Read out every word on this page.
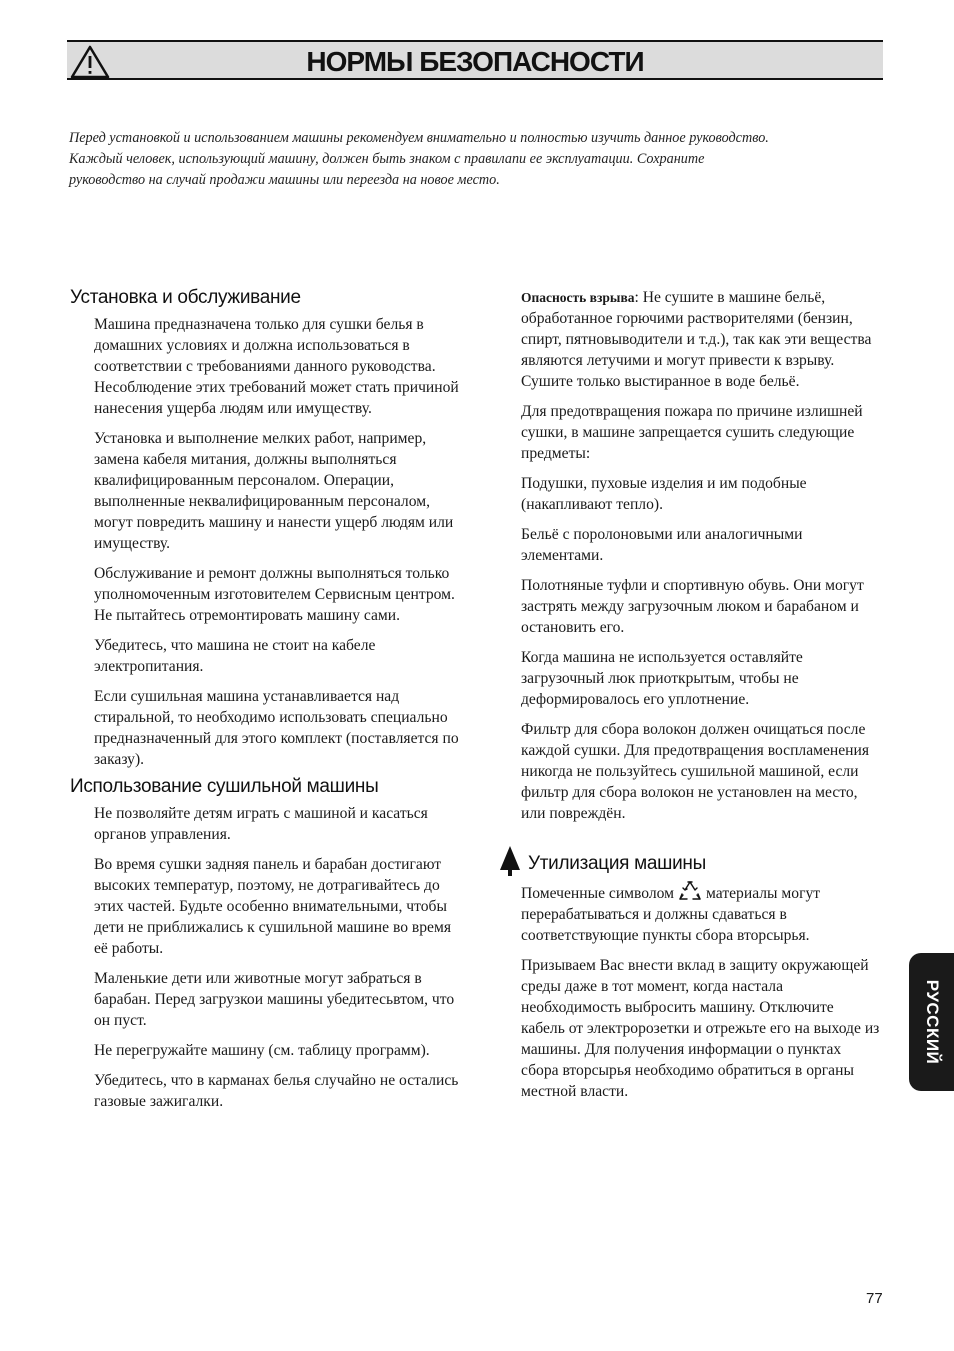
НОРМЫ БЕЗОПАСНОСТИ

Перед установкой и использованием машины рекомендуем внимательно и полностью изучить данное руководство.

Каждый человек, использующий машину, должен быть знаком с правилапи ее эксплуатации. Сохраните

руководство на случай продажи машины или переезда на новое место.

Установка и обслуживание

Машина предназначена только для сушки белья в домашних условиях и должна использоваться в соответствии с требованиями данного руководства. Несоблюдение этих требований может стать причиной нанесения ущерба людям или имуществу.

Установка и выполнение мелких работ, например, замена кабеля митания, должны выполняться квалифицированным персоналом. Операции, выполненные неквалифицированным персоналом, могут повредить машину и нанести ущерб людям или имуществу.

Обслуживание и ремонт должны выполняться только уполномоченным изготовителем Сервисным центром. Не пытайтесь отремонтировать машину сами.

Убедитесь, что машина не стоит на кабеле электропитания.

Если сушильная машина устанавливается над стиральной, то необходимо использовать специально предназначенный для этого комплект (поставляется по заказу).

Использование сушильной машины

Не позволяйте детям играть с машиной и касаться органов управления.

Во время сушки задняя панель и барабан достигают высоких температур, поэтому, не дотрагивайтесь до этих частей. Будьте особенно внимательными, чтобы дети не приближались к сушильной машине во время её работы.

Маленькие дети или животные могут забраться в барабан. Перед загрузкои машины убедитесьвтом, что он пуст.

Не перегружайте машину (см. таблицу программ).

Убедитесь, что в карманах белья случайно не остались газовые зажигалки.

Опасность взрыва: Не сушите в машине бельё, обработанное горючими растворителями (бензин, спирт, пятновыводители и т.д.), так как эти вещества являются летучими и могут привести к взрыву. Сушите только выстиранное в воде бельё.

Для предотвращения пожара по причине излишней сушки, в машине запрещается сушить следующие предметы:

Подушки, пуховые изделия и им подобные (накапливают тепло).

Бельё с поролоновыми или аналогичными элементами.

Полотняные туфли и спортивную обувь. Они могут застрять между загрузочным люком и барабаном и остановить его.

Когда машина не используется оставляйте загрузочный люк приоткрытым, чтобы не деформировалось его уплотнение.

Фильтр для сбора волокон должен очищаться после каждой сушки. Для предотвращения воспламенения никогда не пользуйтесь сушильной машиной, если фильтр для сбора волокон не установлен на место, или повреждён.

Утилизация машины

Помеченные символом материалы могут перерабатываться и должны сдаваться в соответствующие пункты сбора вторсырья.

Призываем Вас внести вклад в защиту окружающей среды даже в тот момент, когда настала необходимость выбросить машину. Отключите кабель от электророзетки и отрежьте его на выходе из машины. Для получения информации о пунктах сбора вторсырья необходимо обратиться в органы местной власти.

РУССКИЙ
77
